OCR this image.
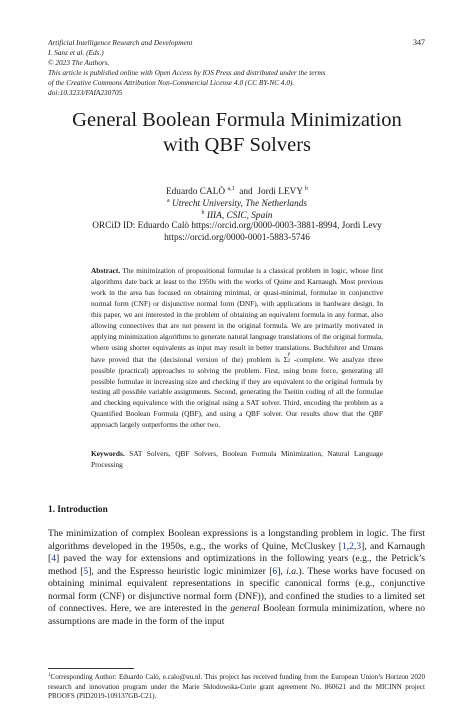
Artificial Intelligence Research and Development
I. Sanz et al. (Eds.)
© 2023 The Authors.
This article is published online with Open Access by IOS Press and distributed under the terms
of the Creative Commons Attribution Non-Commercial License 4.0 (CC BY-NC 4.0).
doi:10.3233/FAIA230705
347
General Boolean Formula Minimization
with QBF Solvers
Eduardo CALÒ $^{a,1}$  and  Jordi LEVY $^b$
$^a$ Utrecht University, The Netherlands
$^b$ IIIA, CSIC, Spain
ORCiD ID: Eduardo Calò https://orcid.org/0000-0003-3881-8994, Jordi Levy
https://orcid.org/0000-0001-5883-5746
Abstract. The minimization of propositional formulae is a classical problem in logic, whose first algorithms date back at least to the 1950s with the works of Quine and Karnaugh. Most previous work in the area has focused on obtaining minimal, or quasi-minimal, formulae in conjunctive normal form (CNF) or disjunctive normal form (DNF), with applications in hardware design. In this paper, we are interested in the problem of obtaining an equivalent formula in any format, also allowing connectives that are not present in the original formula. We are primarily motivated in applying minimization algorithms to generate natural language translations of the original formula, where using shorter equivalents as input may result in better translations. Buchfuhrer and Umans have proved that the (decisional version of the) problem is Σ
p
2 -complete. We analyze three possible (practical) approaches to solving the problem. First, using brute force, generating all possible formulae in increasing size and checking if they are equivalent to the original formula by testing all possible variable assignments. Second, generating the Tseitin coding of all the formulae and checking equivalence with the original using a SAT solver. Third, encoding the problem as a Quantified Boolean Formula (QBF), and using a QBF solver. Our results show that the QBF approach largely outperforms the other two.
Keywords. SAT Solvers, QBF Solvers, Boolean Formula Minimization, Natural Language Processing
1. Introduction
The minimization of complex Boolean expressions is a longstanding problem in logic. The first algorithms developed in the 1950s, e.g., the works of Quine, McCluskey [1,2,3], and Karnaugh [4] paved the way for extensions and optimizations in the following years (e.g., the Petrick’s method [5], and the Espresso heuristic logic minimizer [6], i.a.). These works have focused on obtaining minimal equivalent representations in specific canonical forms (e.g., conjunctive normal form (CNF) or disjunctive normal form (DNF)), and confined the studies to a limited set of connectives. Here, we are interested in the general Boolean formula minimization, where no assumptions are made in the form of the input
$^1$Corresponding Author: Eduardo Calò, e.calo@uu.nl. This project has received funding from the European Union’s Horizon 2020 research and innovation program under the Marie Skłodowska-Curie grant agreement No. 860621 and the MICINN project PROOFS (PID2019-109137GB-C21).
